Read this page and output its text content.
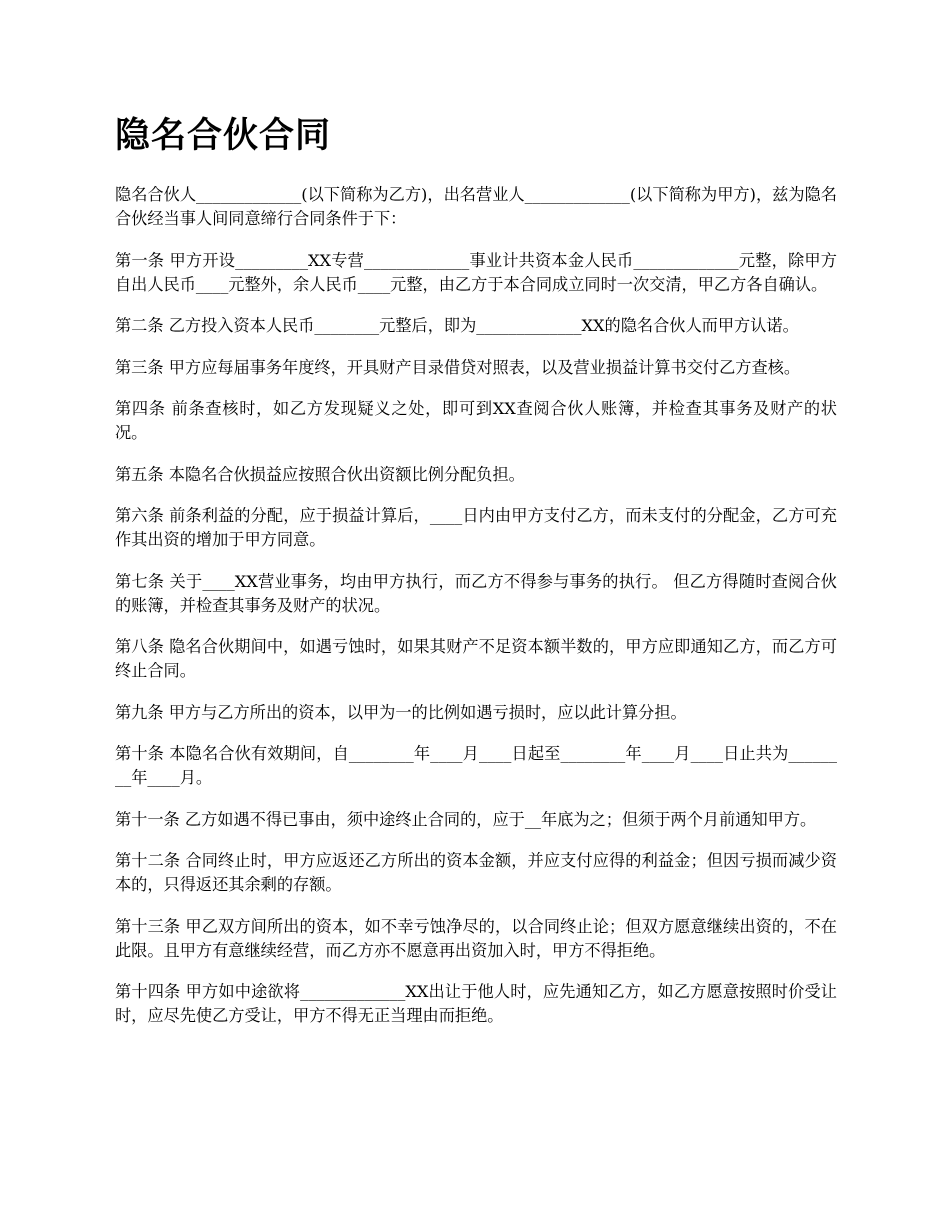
隐名合伙合同

隐名合伙人_____________(以下简称为乙方)，出名营业人_____________(以下简称为甲方)，兹为隐名合伙经当事人间同意缔行合同条件于下：

第一条 甲方开设_________XX专营_____________事业计共资本金人民币_____________元整，除甲方自出人民币____元整外，余人民币____元整，由乙方于本合同成立同时一次交清，甲乙方各自确认。

第二条 乙方投入资本人民币________元整后，即为_____________XX的隐名合伙人而甲方认诺。

第三条 甲方应每届事务年度终，开具财产目录借贷对照表，以及营业损益计算书交付乙方查核。

第四条 前条查核时，如乙方发现疑义之处，即可到XX查阅合伙人账簿，并检查其事务及财产的状况。

第五条 本隐名合伙损益应按照合伙出资额比例分配负担。

第六条 前条利益的分配，应于损益计算后，____日内由甲方支付乙方，而未支付的分配金，乙方可充作其出资的增加于甲方同意。

第七条 关于____XX营业事务，均由甲方执行，而乙方不得参与事务的执行。 但乙方得随时查阅合伙的账簿，并检查其事务及财产的状况。

第八条 隐名合伙期间中，如遇亏蚀时，如果其财产不足资本额半数的，甲方应即通知乙方，而乙方可终止合同。

第九条 甲方与乙方所出的资本，以甲为一的比例如遇亏损时，应以此计算分担。

第十条 本隐名合伙有效期间，自________年____月____日起至________年____月____日止共为________年____月。

第十一条 乙方如遇不得已事由，须中途终止合同的，应于__年底为之；但须于两个月前通知甲方。

第十二条 合同终止时，甲方应返还乙方所出的资本金额，并应支付应得的利益金；但因亏损而减少资本的，只得返还其余剩的存额。

第十三条 甲乙双方间所出的资本，如不幸亏蚀净尽的，以合同终止论；但双方愿意继续出资的，不在此限。且甲方有意继续经营，而乙方亦不愿意再出资加入时，甲方不得拒绝。

第十四条 甲方如中途欲将_____________XX出让于他人时，应先通知乙方，如乙方愿意按照时价受让时，应尽先使乙方受让，甲方不得无正当理由而拒绝。
